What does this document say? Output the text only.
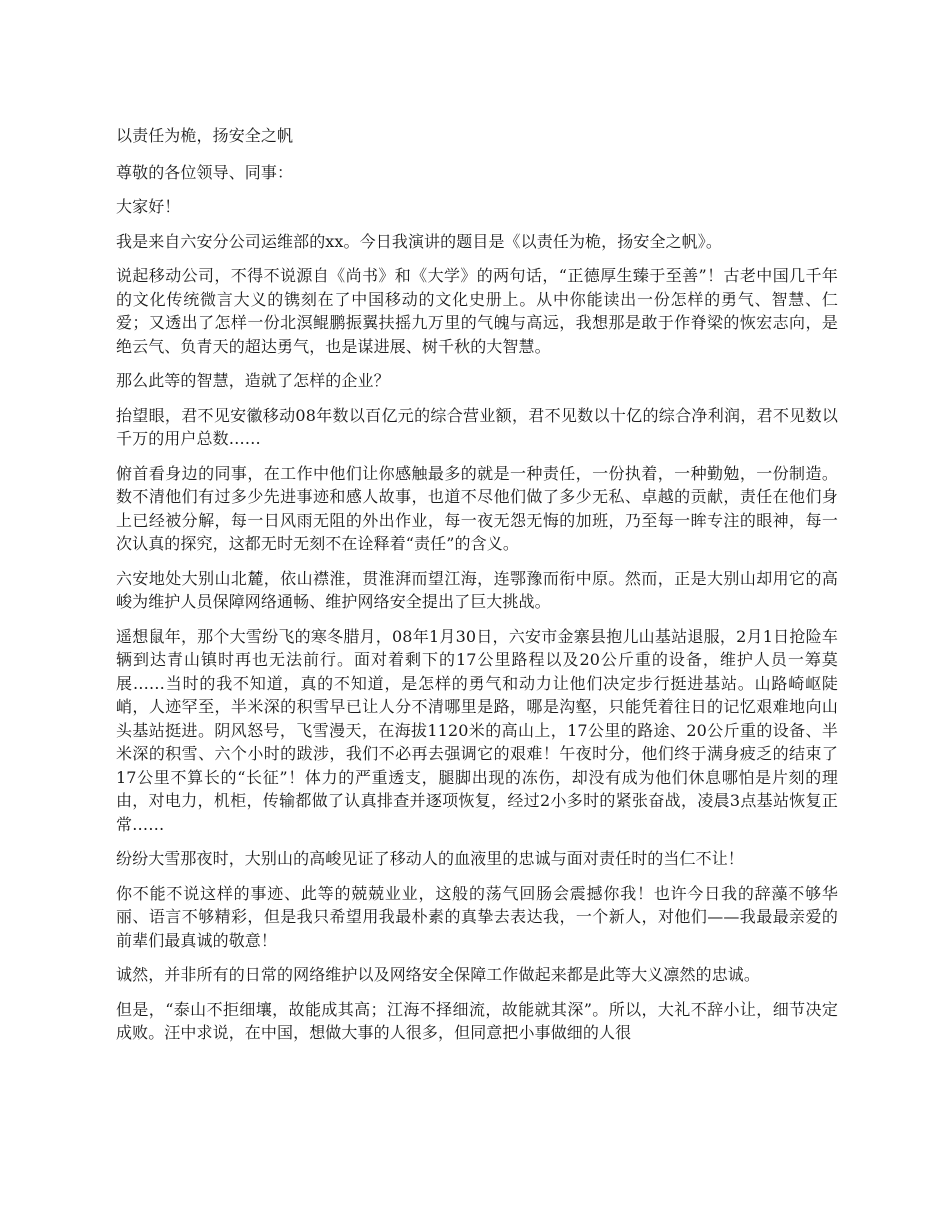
以责任为桅，扬安全之帆

尊敬的各位领导、同事：

大家好！

我是来自六安分公司运维部的xx。今日我演讲的题目是《以责任为桅，扬安全之帆》。

说起移动公司，不得不说源自《尚书》和《大学》的两句话，“正德厚生臻于至善”！古老中国几千年的文化传统微言大义的镌刻在了中国移动的文化史册上。从中你能读出一份怎样的勇气、智慧、仁爱；又透出了怎样一份北溟鲲鹏振翼扶摇九万里的气魄与高远，我想那是敢于作脊梁的恢宏志向，是绝云气、负青天的超达勇气，也是谋进展、树千秋的大智慧。

那么此等的智慧，造就了怎样的企业？

抬望眼，君不见安徽移动08年数以百亿元的综合营业额，君不见数以十亿的综合净利润，君不见数以千万的用户总数……

俯首看身边的同事，在工作中他们让你感触最多的就是一种责任，一份执着，一种勤勉，一份制造。数不清他们有过多少先进事迹和感人故事，也道不尽他们做了多少无私、卓越的贡献，责任在他们身上已经被分解，每一日风雨无阻的外出作业，每一夜无怨无悔的加班，乃至每一眸专注的眼神，每一次认真的探究，这都无时无刻不在诠释着“责任”的含义。

六安地处大别山北麓，依山襟淮，贯淮湃而望江海，连鄂豫而衔中原。然而，正是大别山却用它的高峻为维护人员保障网络通畅、维护网络安全提出了巨大挑战。

遥想鼠年，那个大雪纷飞的寒冬腊月，08年1月30日，六安市金寨县抱儿山基站退服，2月1日抢险车辆到达青山镇时再也无法前行。面对着剩下的17公里路程以及20公斤重的设备，维护人员一筹莫展……当时的我不知道，真的不知道，是怎样的勇气和动力让他们决定步行挺进基站。山路崎岖陡峭，人迹罕至，半米深的积雪早已让人分不清哪里是路，哪是沟壑，只能凭着往日的记忆艰难地向山头基站挺进。阴风怒号，飞雪漫天，在海拔1120米的高山上，17公里的路途、20公斤重的设备、半米深的积雪、六个小时的跋涉，我们不必再去强调它的艰难！午夜时分，他们终于满身疲乏的结束了17公里不算长的“长征”！体力的严重透支，腿脚出现的冻伤，却没有成为他们休息哪怕是片刻的理由，对电力，机柜，传输都做了认真排查并逐项恢复，经过2小多时的紧张奋战，凌晨3点基站恢复正常……

纷纷大雪那夜时，大别山的高峻见证了移动人的血液里的忠诚与面对责任时的当仁不让！

你不能不说这样的事迹、此等的兢兢业业，这般的荡气回肠会震撼你我！也许今日我的辞藻不够华丽、语言不够精彩，但是我只希望用我最朴素的真挚去表达我，一个新人，对他们——我最最亲爱的前辈们最真诚的敬意！

诚然，并非所有的日常的网络维护以及网络安全保障工作做起来都是此等大义凛然的忠诚。

但是，“泰山不拒细壤，故能成其高；江海不择细流，故能就其深”。所以，大礼不辞小让，细节决定成败。汪中求说，在中国，想做大事的人很多，但同意把小事做细的人很
